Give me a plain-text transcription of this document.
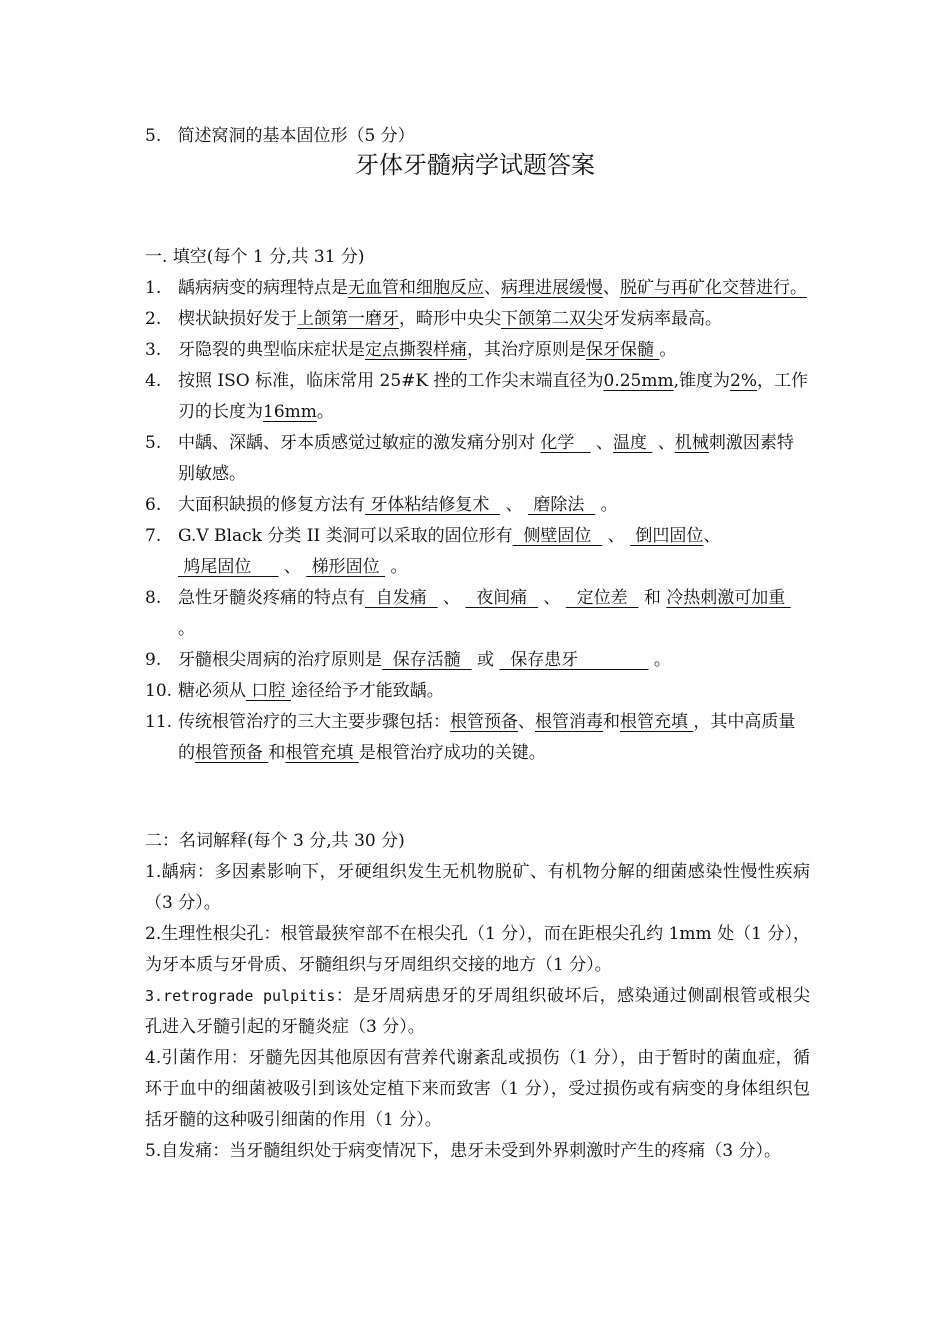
5. 简述窝洞的基本固位形（5 分）
牙体牙髓病学试题答案
一. 填空(每个 1 分,共 31 分)
1. 龋病病变的病理特点是无血管和细胞反应、病理进展缓慢、脱矿与再矿化交替进行。
2. 楔状缺损好发于上颌第一磨牙，畸形中央尖下颌第二双尖牙发病率最高。
3. 牙隐裂的典型临床症状是定点撕裂样痛，其治疗原则是保牙保髓 。
4. 按照 ISO 标准，临床常用 25#K 挫的工作尖末端直径为0.25mm,锥度为2%，工作刃的长度为16mm。
5. 中龋、深龋、牙本质感觉过敏症的激发痛分别对 化学    、温度  、机械刺激因素特别敏感。
6. 大面积缺损的修复方法有 牙体粘结修复术   、  磨除法   。
7. G.V Black 分类 II 类洞可以采取的固位形有  侧壁固位   、  倒凹固位、  鸠尾固位      、  梯形固位  。
8. 急性牙髓炎疼痛的特点有  自发痛   、   夜间痛   、   定位差   和 冷热刺激可加重  。
9. 牙髓根尖周病的治疗原则是  保存活髓   或   保存患牙              。
10. 糖必须从 口腔 途径给予才能致龋。
11. 传统根管治疗的三大主要步骤包括：根管预备、根管消毒和根管充填 ，其中高质量的根管预备 和根管充填 是根管治疗成功的关键。
二：名词解释(每个 3 分,共 30 分)
1.龋病：多因素影响下，牙硬组织发生无机物脱矿、有机物分解的细菌感染性慢性疾病（3 分）。
2.生理性根尖孔：根管最狭窄部不在根尖孔（1 分），而在距根尖孔约 1mm 处（1 分），为牙本质与牙骨质、牙髓组织与牙周组织交接的地方（1 分）。
3.retrograde pulpitis：是牙周病患牙的牙周组织破坏后，感染通过侧副根管或根尖孔进入牙髓引起的牙髓炎症（3 分）。
4.引菌作用：牙髓先因其他原因有营养代谢紊乱或损伤（1 分），由于暂时的菌血症，循环于血中的细菌被吸引到该处定植下来而致害（1 分），受过损伤或有病变的身体组织包括牙髓的这种吸引细菌的作用（1 分）。
5.自发痛：当牙髓组织处于病变情况下，患牙未受到外界刺激时产生的疼痛（3 分）。
